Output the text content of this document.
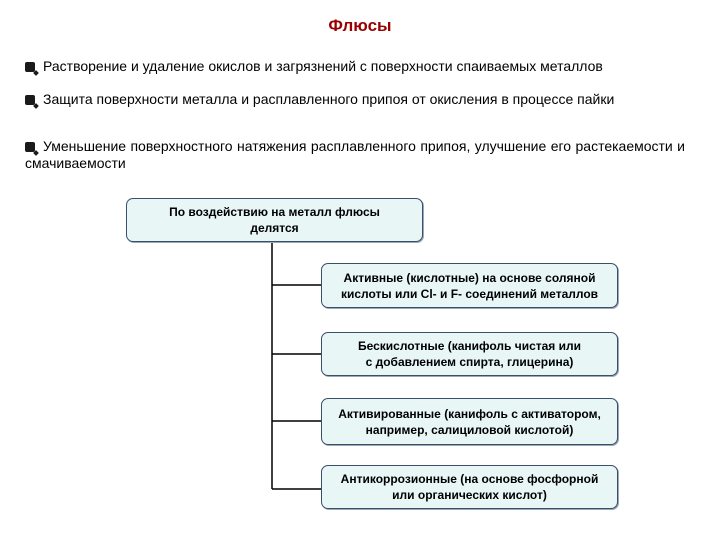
Флюсы
Растворение и удаление окислов и загрязнений с поверхности спаиваемых металлов
Защита поверхности металла и расплавленного припоя от окисления в процессе пайки
Уменьшение поверхностного натяжения расплавленного припоя, улучшение его растекаемости и смачиваемости
По воздействию на металл флюсы
делятся
Активные (кислотные) на основе соляной
кислоты или Cl- и F- соединений металлов
Бескислотные (канифоль чистая или
с добавлением спирта, глицерина)
Активированные (канифоль с активатором,
например, салициловой кислотой)
Антикоррозионные (на основе фосфорной
или органических кислот)
